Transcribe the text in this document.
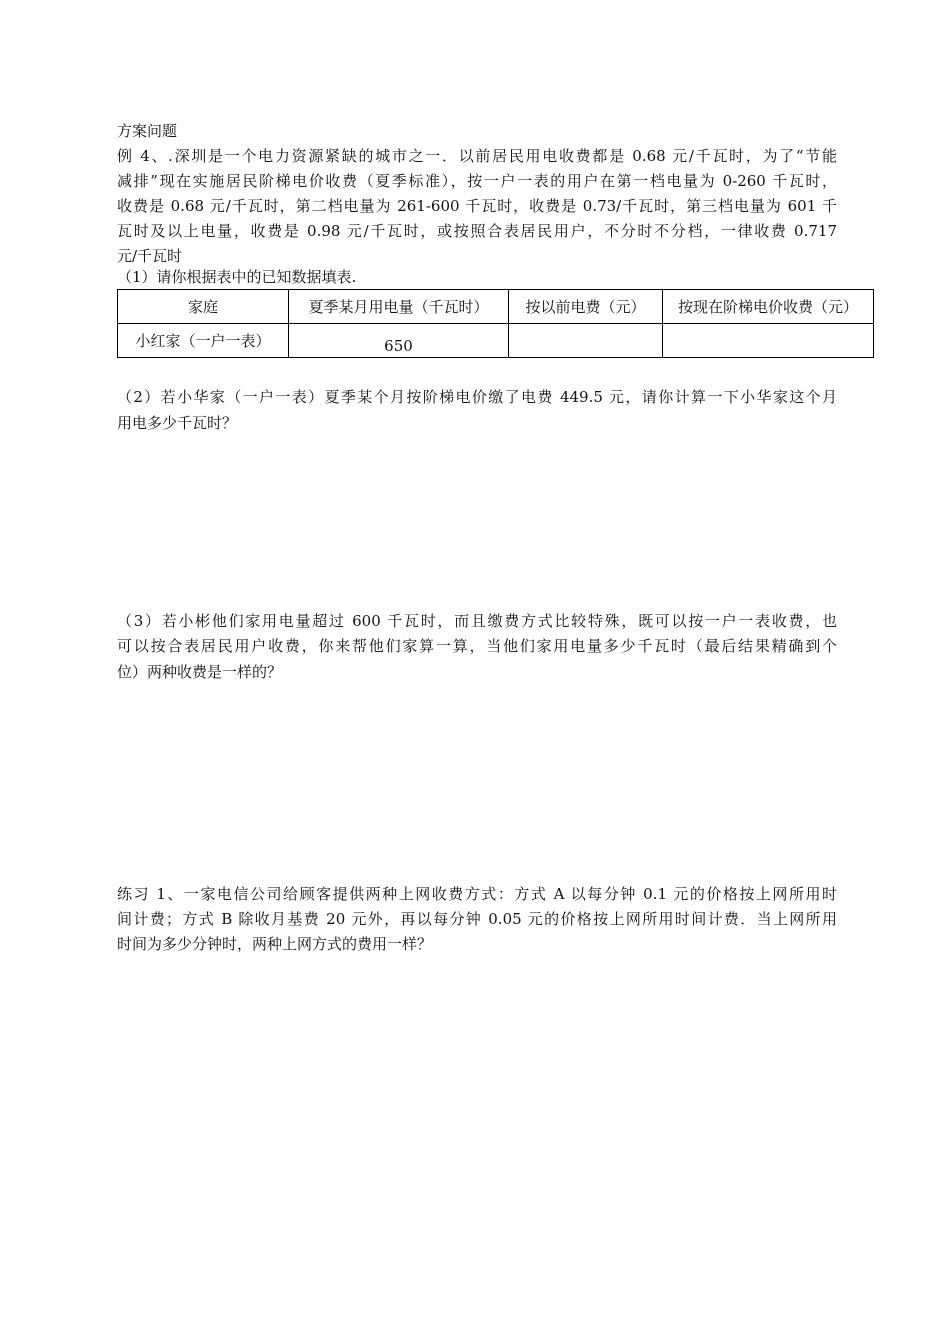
方案问题
例 4、.深圳是一个电力资源紧缺的城市之一．以前居民用电收费都是 0.68 元/千瓦时，为了“节能
减排”现在实施居民阶梯电价收费（夏季标准），按一户一表的用户在第一档电量为 0-260 千瓦时，
收费是 0.68 元/千瓦时，第二档电量为 261-600 千瓦时，收费是 0.73/千瓦时，第三档电量为 601 千
瓦时及以上电量，收费是 0.98 元/千瓦时，或按照合表居民用户，不分时不分档，一律收费 0.717
元/千瓦时
（1）请你根据表中的已知数据填表.
家庭	夏季某月用电量（千瓦时）	按以前电费（元）	按现在阶梯电价收费（元）
小红家（一户一表）	650		
（2）若小华家（一户一表）夏季某个月按阶梯电价缴了电费 449.5 元，请你计算一下小华家这个月
用电多少千瓦时？
（3）若小彬他们家用电量超过 600 千瓦时，而且缴费方式比较特殊，既可以按一户一表收费，也
可以按合表居民用户收费，你来帮他们家算一算，当他们家用电量多少千瓦时（最后结果精确到个
位）两种收费是一样的？
练习 1、一家电信公司给顾客提供两种上网收费方式：方式 A 以每分钟 0.1 元的价格按上网所用时
间计费；方式 B 除收月基费 20 元外，再以每分钟 0.05 元的价格按上网所用时间计费．当上网所用
时间为多少分钟时，两种上网方式的费用一样？
